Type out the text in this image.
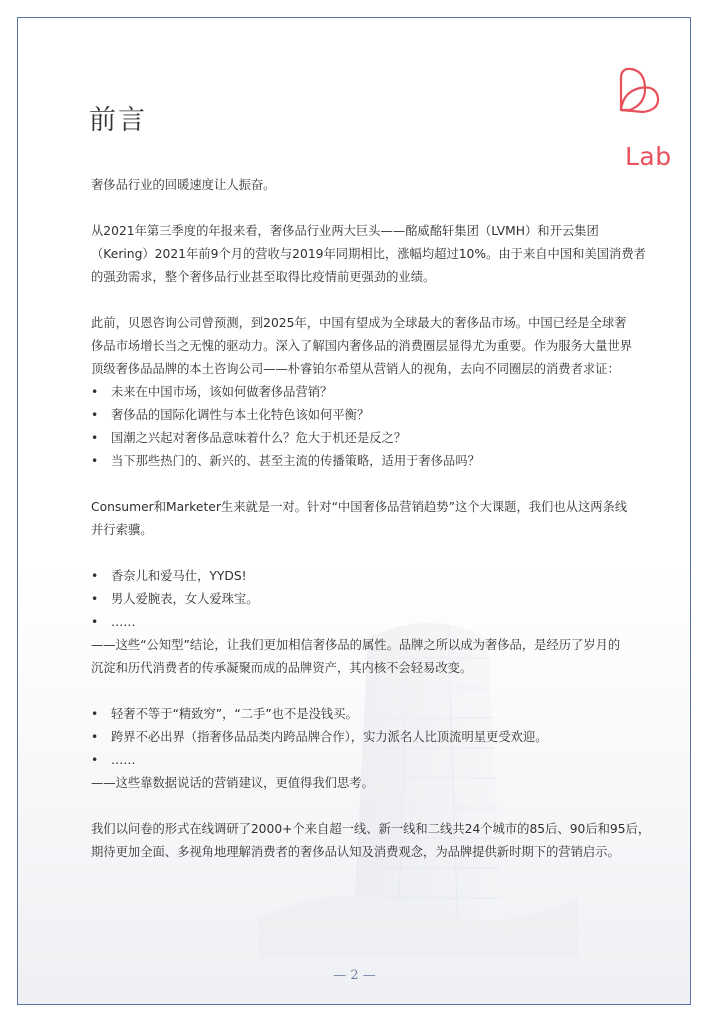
Lab
前言

奢侈品行业的回暖速度让人振奋。

从2021年第三季度的年报来看，奢侈品行业两大巨头——酩威酩轩集团（LVMH）和开云集团

（Kering）2021年前9个月的营收与2019年同期相比，涨幅均超过10%。由于来自中国和美国消费者

的强劲需求，整个奢侈品行业甚至取得比疫情前更强劲的业绩。

此前，贝恩咨询公司曾预测，到2025年，中国有望成为全球最大的奢侈品市场。中国已经是全球奢

侈品市场增长当之无愧的驱动力。深入了解国内奢侈品的消费圈层显得尤为重要。作为服务大量世界

顶级奢侈品品牌的本土咨询公司——朴睿铂尔希望从营销人的视角，去向不同圈层的消费者求证：

• 未来在中国市场，该如何做奢侈品营销？

• 奢侈品的国际化调性与本土化特色该如何平衡？

• 国潮之兴起对奢侈品意味着什么？危大于机还是反之？

• 当下那些热门的、新兴的、甚至主流的传播策略，适用于奢侈品吗？

Consumer和Marketer生来就是一对。针对“中国奢侈品营销趋势”这个大课题，我们也从这两条线

并行索骥。

• 香奈儿和爱马仕，YYDS!

• 男人爱腕表，女人爱珠宝。

• ……

——这些“公知型”结论，让我们更加相信奢侈品的属性。品牌之所以成为奢侈品，是经历了岁月的

沉淀和历代消费者的传承凝聚而成的品牌资产，其内核不会轻易改变。

• 轻奢不等于“精致穷”，“二手”也不是没钱买。

• 跨界不必出界（指奢侈品品类内跨品牌合作），实力派名人比顶流明星更受欢迎。

• ……

——这些靠数据说话的营销建议，更值得我们思考。

我们以问卷的形式在线调研了2000+个来自超一线、新一线和二线共24个城市的85后、90后和95后，

期待更加全面、多视角地理解消费者的奢侈品认知及消费观念，为品牌提供新时期下的营销启示。

— 2 —
